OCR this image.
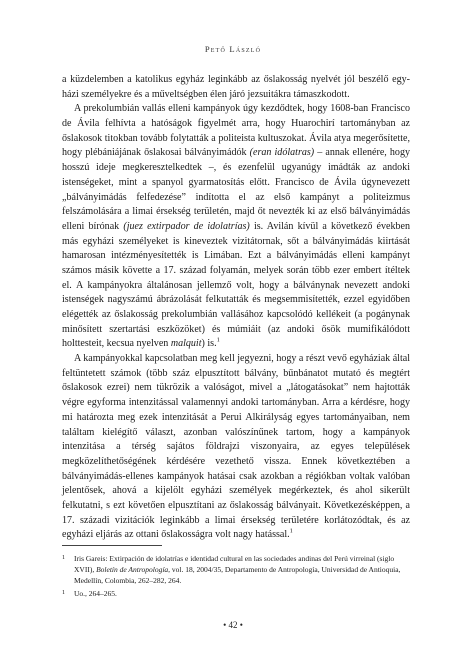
Pető László

a küzdelemben a katolikus egyház leginkább az őslakosság nyelvét jól beszélő egyházi személyekre és a műveltségben élen járó jezsuitákra támaszkodott.

A prekolumbián vallás elleni kampányok úgy kezdődtek, hogy 1608-ban Francisco de Ávila felhívta a hatóságok figyelmét arra, hogy Huarochirí tartományban az őslakosok titokban tovább folytatták a politeista kultuszokat. Ávila atya megerősítette, hogy plébániájának őslakosai bálványimádók (eran idólatras) – annak ellenére, hogy hosszú ideje megkeresztelkedtek –, és ezenfelül ugyanúgy imádták az andoki istenségeket, mint a spanyol gyarmatosítás előtt. Francisco de Ávila úgynevezett „bálványimádás felfedezése” indította el az első kampányt a politeizmus felszámolására a limai érsekség területén, majd őt nevezték ki az első bálványimádás elleni bírónak (juez extirpador de idolatrías) is. Avilán kívül a következő években más egyházi személyeket is kineveztek vizitátornak, sőt a bálványimádás kiirtását hamarosan intézményesítették is Limában. Ezt a bálványimádás elleni kampányt számos másik követte a 17. század folyamán, melyek során több ezer embert ítéltek el. A kampányokra általánosan jellemző volt, hogy a bálványnak nevezett andoki istenségek nagyszámú ábrázolását felkutatták és megsemmisítették, ezzel egyidőben elégették az őslakosság prekolumbián vallásához kapcsolódó kellékeit (a pogánynak minősített szertartási eszközöket) és múmiáit (az andoki ősök mumifikálódott holttesteit, kecsua nyelven malquit) is.$^1$

A kampányokkal kapcsolatban meg kell jegyezni, hogy a részt vevő egyháziak által feltüntetett számok (több száz elpusztított bálvány, bűnbánatot mutató és megtért őslakosok ezrei) nem tükrözik a valóságot, mivel a „látogatásokat” nem hajtották végre egyforma intenzitással valamennyi andoki tartományban. Arra a kérdésre, hogy mi határozta meg ezek intenzitását a Perui Alkirályság egyes tartományaiban, nem találtam kielégítő választ, azonban valószínűnek tartom, hogy a kampányok intenzitása a térség sajátos földrajzi viszonyaira, az egyes települések megközelíthetőségének kérdésére vezethető vissza. Ennek következtében a bálványimádás-ellenes kampányok hatásai csak azokban a régiókban voltak valóban jelentősek, ahová a kijelölt egyházi személyek megérkeztek, és ahol sikerült felkutatni, s ezt követően elpusztítani az őslakosság bálványait. Következésképpen, a 17. századi vizitációk leginkább a limai érsekség területére korlátozódtak, és az egyházi eljárás az ottani őslakosságra volt nagy hatással.$^1$

1	Iris Gareis: Extirpación de idolatrías e identidad cultural en las sociedades andinas del Perú virreinal (siglo XVII), Boletín de Antropología, vol. 18, 2004/35, Departamento de Antropología, Universidad de Antioquia, Medellín, Colombia, 262–282, 264.
1	Uo., 264–265.
• 42 •
